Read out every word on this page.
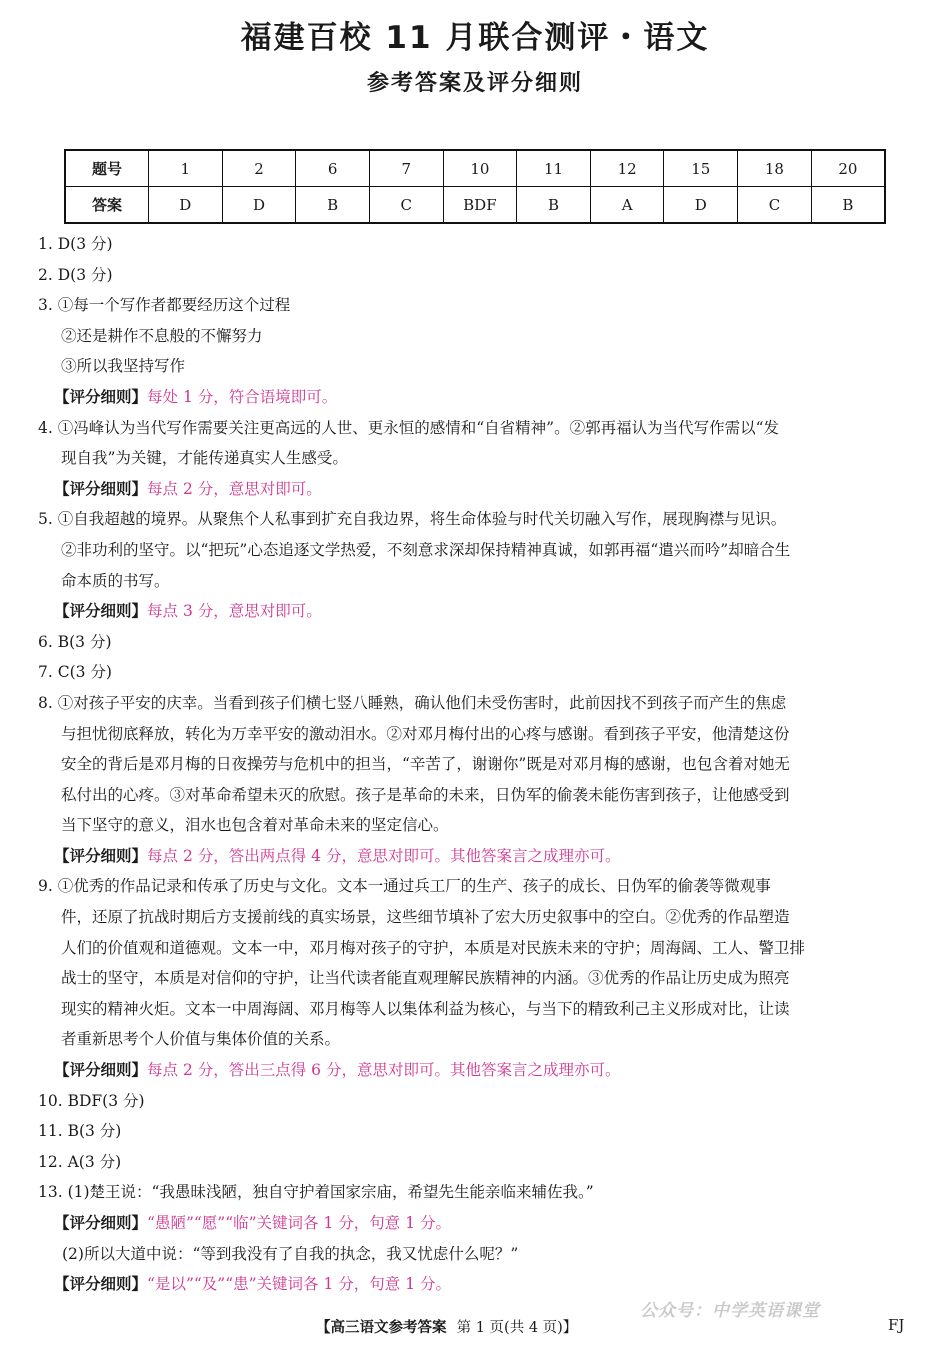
福建百校 11 月联合测评・语文
参考答案及评分细则
题号	1	2	6	7	10	11	12	15	18	20
答案	D	D	B	C	BDF	B	A	D	C	B

1. D(3 分)

2. D(3 分)

3. ①每一个写作者都要经历这个过程

②还是耕作不息般的不懈努力

③所以我坚持写作

【评分细则】每处 1 分，符合语境即可。

4. ①冯峰认为当代写作需要关注更高远的人世、更永恒的感情和“自省精神”。②郭再福认为当代写作需以“发

现自我”为关键，才能传递真实人生感受。

【评分细则】每点 2 分，意思对即可。

5. ①自我超越的境界。从聚焦个人私事到扩充自我边界，将生命体验与时代关切融入写作，展现胸襟与见识。

②非功利的坚守。以“把玩”心态追逐文学热爱，不刻意求深却保持精神真诚，如郭再福“遣兴而吟”却暗合生

命本质的书写。

【评分细则】每点 3 分，意思对即可。

6. B(3 分)

7. C(3 分)

8. ①对孩子平安的庆幸。当看到孩子们横七竖八睡熟，确认他们未受伤害时，此前因找不到孩子而产生的焦虑

与担忧彻底释放，转化为万幸平安的激动泪水。②对邓月梅付出的心疼与感谢。看到孩子平安，他清楚这份

安全的背后是邓月梅的日夜操劳与危机中的担当，“辛苦了，谢谢你”既是对邓月梅的感谢，也包含着对她无

私付出的心疼。③对革命希望未灭的欣慰。孩子是革命的未来，日伪军的偷袭未能伤害到孩子，让他感受到

当下坚守的意义，泪水也包含着对革命未来的坚定信心。

【评分细则】每点 2 分，答出两点得 4 分，意思对即可。其他答案言之成理亦可。

9. ①优秀的作品记录和传承了历史与文化。文本一通过兵工厂的生产、孩子的成长、日伪军的偷袭等微观事

件，还原了抗战时期后方支援前线的真实场景，这些细节填补了宏大历史叙事中的空白。②优秀的作品塑造

人们的价值观和道德观。文本一中，邓月梅对孩子的守护，本质是对民族未来的守护；周海阔、工人、警卫排

战士的坚守，本质是对信仰的守护，让当代读者能直观理解民族精神的内涵。③优秀的作品让历史成为照亮

现实的精神火炬。文本一中周海阔、邓月梅等人以集体利益为核心，与当下的精致利己主义形成对比，让读

者重新思考个人价值与集体价值的关系。

【评分细则】每点 2 分，答出三点得 6 分，意思对即可。其他答案言之成理亦可。

10. BDF(3 分)

11. B(3 分)

12. A(3 分)

13. (1)楚王说：“我愚昧浅陋，独自守护着国家宗庙，希望先生能亲临来辅佐我。”

【评分细则】“愚陋”“愿”“临”关键词各 1 分，句意 1 分。

(2)所以大道中说：“等到我没有了自我的执念，我又忧虑什么呢？”

【评分细则】“是以”“及”“患”关键词各 1 分，句意 1 分。

公众号：中学英语课堂
【高三语文参考答案 第 1 页(共 4 页)】	FJ
